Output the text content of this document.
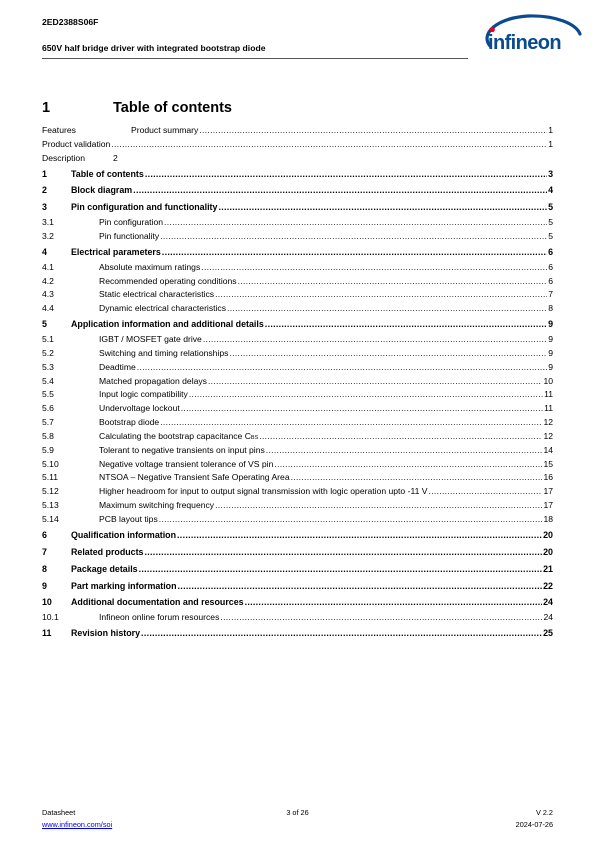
2ED2388S06F
650V half bridge driver with integrated bootstrap diode	infineon
1	Table of contents
Features	Product summary .....	1
Product validation .....	1
Description	2
1	Table of contents .....	3
2	Block diagram .....	4
3	Pin configuration and functionality .....	5
3.1	Pin configuration .....	5
3.2	Pin functionality .....	5
4	Electrical parameters .....	6
4.1	Absolute maximum ratings .....	6
4.2	Recommended operating conditions .....	6
4.3	Static electrical characteristics .....	7
4.4	Dynamic electrical characteristics .....	8
5	Application information and additional details .....	9
5.1	IGBT / MOSFET gate drive .....	9
5.2	Switching and timing relationships .....	9
5.3	Deadtime .....	9
5.4	Matched propagation delays .....	10
5.5	Input logic compatibility .....	11
5.6	Undervoltage lockout .....	11
5.7	Bootstrap diode .....	12
5.8	Calculating the bootstrap capacitance C BS .....	12
5.9	Tolerant to negative transients on input pins .....	14
5.10	Negative voltage transient tolerance of VS pin .....	15
5.11	NTSOA – Negative Transient Safe Operating Area .....	16
5.12	Higher headroom for input to output signal transmission with logic operation upto -11 V .....	17
5.13	Maximum switching frequency .....	17
5.14	PCB layout tips .....	18
6	Qualification information .....	20
7	Related products .....	20
8	Package details .....	21
9	Part marking information .....	22
10	Additional documentation and resources .....	24
10.1	Infineon online forum resources .....	24
11	Revision history .....	25
Datasheet
www.infineon.com/soi
3 of 26	V 2.2
2024-07-26
